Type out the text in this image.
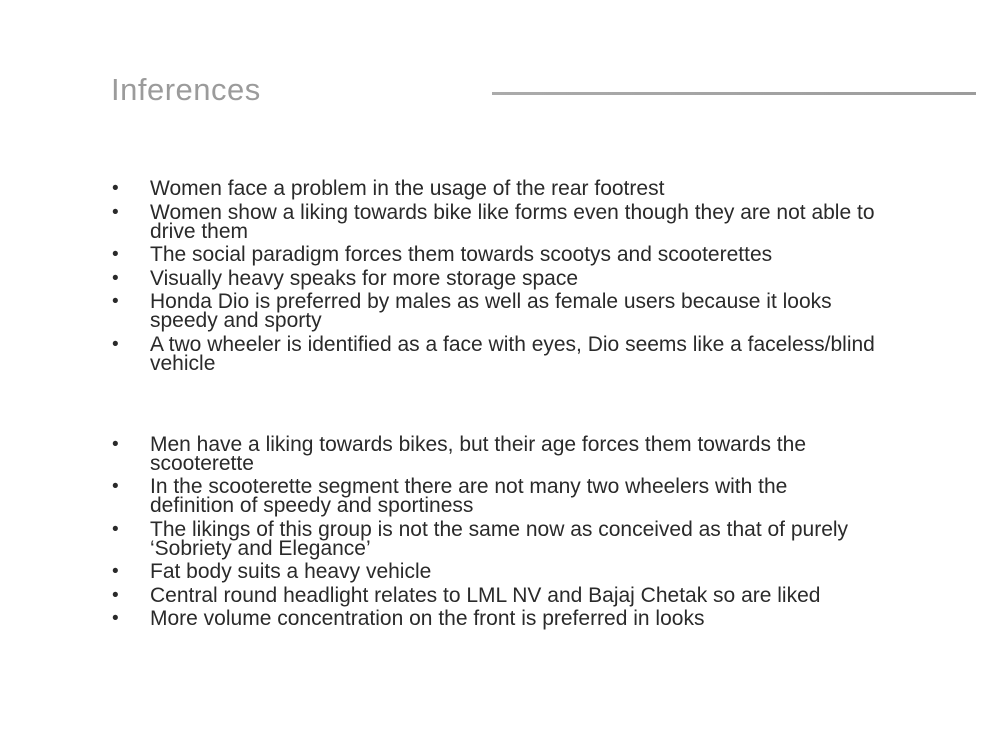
Inferences
• Women face a problem in the usage of the rear footrest
• Women show a liking towards bike like forms even though they are not able to
drive them
• The social paradigm forces them towards scootys and scooterettes
• Visually heavy speaks for more storage space
• Honda Dio is preferred by males as well as female users because it looks
speedy and sporty
• A two wheeler is identified as a face with eyes, Dio seems like a faceless/blind
vehicle
• Men have a liking towards bikes, but their age forces them towards the
scooterette
• In the scooterette segment there are not many two wheelers with the
definition of speedy and sportiness
• The likings of this group is not the same now as conceived as that of purely
‘Sobriety and Elegance’
• Fat body suits a heavy vehicle
• Central round headlight relates to LML NV and Bajaj Chetak so are liked
• More volume concentration on the front is preferred in looks
